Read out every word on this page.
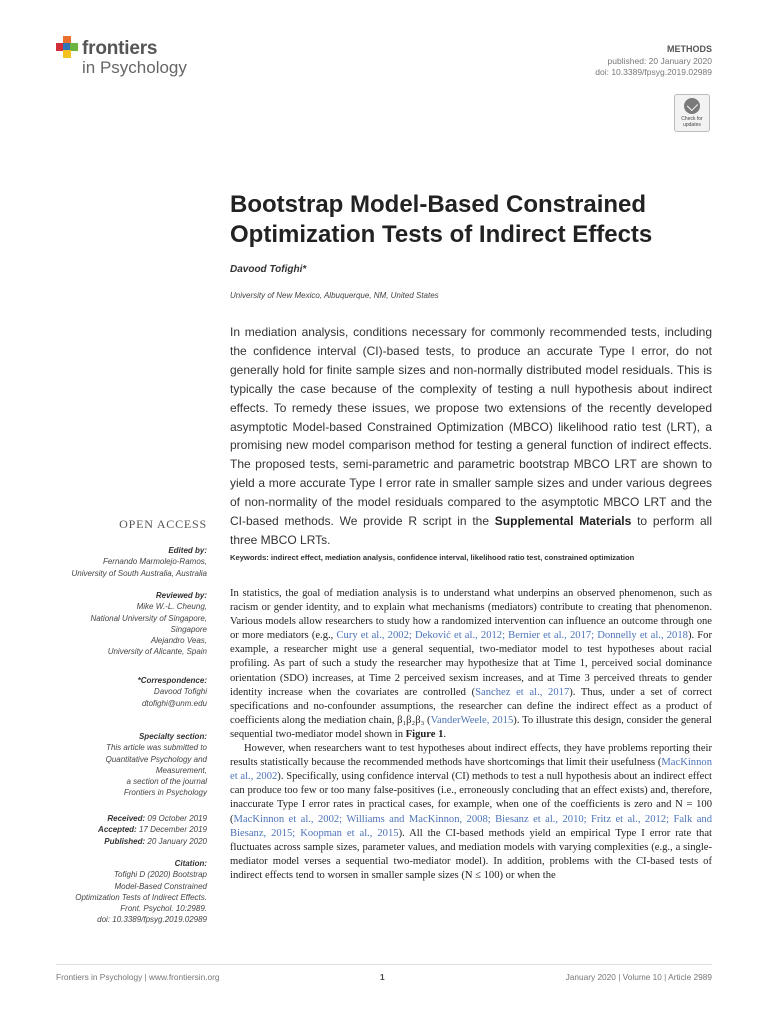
frontiers
in Psychology
METHODS
published: 20 January 2020
doi: 10.3389/fpsyg.2019.02989
Check for updates
Bootstrap Model-Based Constrained Optimization Tests of Indirect Effects
Davood Tofighi*
University of New Mexico, Albuquerque, NM, United States
In mediation analysis, conditions necessary for commonly recommended tests, including the confidence interval (CI)-based tests, to produce an accurate Type I error, do not generally hold for finite sample sizes and non-normally distributed model residuals. This is typically the case because of the complexity of testing a null hypothesis about indirect effects. To remedy these issues, we propose two extensions of the recently developed asymptotic Model-based Constrained Optimization (MBCO) likelihood ratio test (LRT), a promising new model comparison method for testing a general function of indirect effects. The proposed tests, semi-parametric and parametric bootstrap MBCO LRT are shown to yield a more accurate Type I error rate in smaller sample sizes and under various degrees of non-normality of the model residuals compared to the asymptotic MBCO LRT and the CI-based methods. We provide R script in the Supplemental Materials to perform all three MBCO LRTs.
Keywords: indirect effect, mediation analysis, confidence interval, likelihood ratio test, constrained optimization
OPEN ACCESS
Edited by:
Fernando Marmolejo-Ramos,
University of South Australia, Australia
Reviewed by:
Mike W.-L. Cheung,
National University of Singapore,
Singapore
Alejandro Veas,
University of Alicante, Spain
*Correspondence:
Davood Tofighi
dtofighi@unm.edu
Specialty section:
This article was submitted to
Quantitative Psychology and
Measurement,
a section of the journal
Frontiers in Psychology
Received: 09 October 2019
Accepted: 17 December 2019
Published: 20 January 2020
Citation:
Tofighi D (2020) Bootstrap
Model-Based Constrained
Optimization Tests of Indirect Effects.
Front. Psychol. 10:2989.
doi: 10.3389/fpsyg.2019.02989

In statistics, the goal of mediation analysis is to understand what underpins an observed phenomenon, such as racism or gender identity, and to explain what mechanisms (mediators) contribute to creating that phenomenon. Various models allow researchers to study how a randomized intervention can influence an outcome through one or more mediators (e.g., Cury et al., 2002; Deković et al., 2012; Bernier et al., 2017; Donnelly et al., 2018). For example, a researcher might use a general sequential, two-mediator model to test hypotheses about racial profiling. As part of such a study the researcher may hypothesize that at Time 1, perceived social dominance orientation (SDO) increases, at Time 2 perceived sexism increases, and at Time 3 perceived threats to gender identity increase when the covariates are controlled (Sanchez et al., 2017). Thus, under a set of correct specifications and no-confounder assumptions, the researcher can define the indirect effect as a product of coefficients along the mediation chain, β₁β₂β₃ (VanderWeele, 2015). To illustrate this design, consider the general sequential two-mediator model shown in Figure 1.

However, when researchers want to test hypotheses about indirect effects, they have problems reporting their results statistically because the recommended methods have shortcomings that limit their usefulness (MacKinnon et al., 2002). Specifically, using confidence interval (CI) methods to test a null hypothesis about an indirect effect can produce too few or too many false-positives (i.e., erroneously concluding that an effect exists) and, therefore, inaccurate Type I error rates in practical cases, for example, when one of the coefficients is zero and N = 100 (MacKinnon et al., 2002; Williams and MacKinnon, 2008; Biesanz et al., 2010; Fritz et al., 2012; Falk and Biesanz, 2015; Koopman et al., 2015). All the CI-based methods yield an empirical Type I error rate that fluctuates across sample sizes, parameter values, and mediation models with varying complexities (e.g., a single-mediator model verses a sequential two-mediator model). In addition, problems with the CI-based tests of indirect effects tend to worsen in smaller sample sizes (N ≤ 100) or when the

Frontiers in Psychology | www.frontiersin.org	1	January 2020 | Volume 10 | Article 2989
